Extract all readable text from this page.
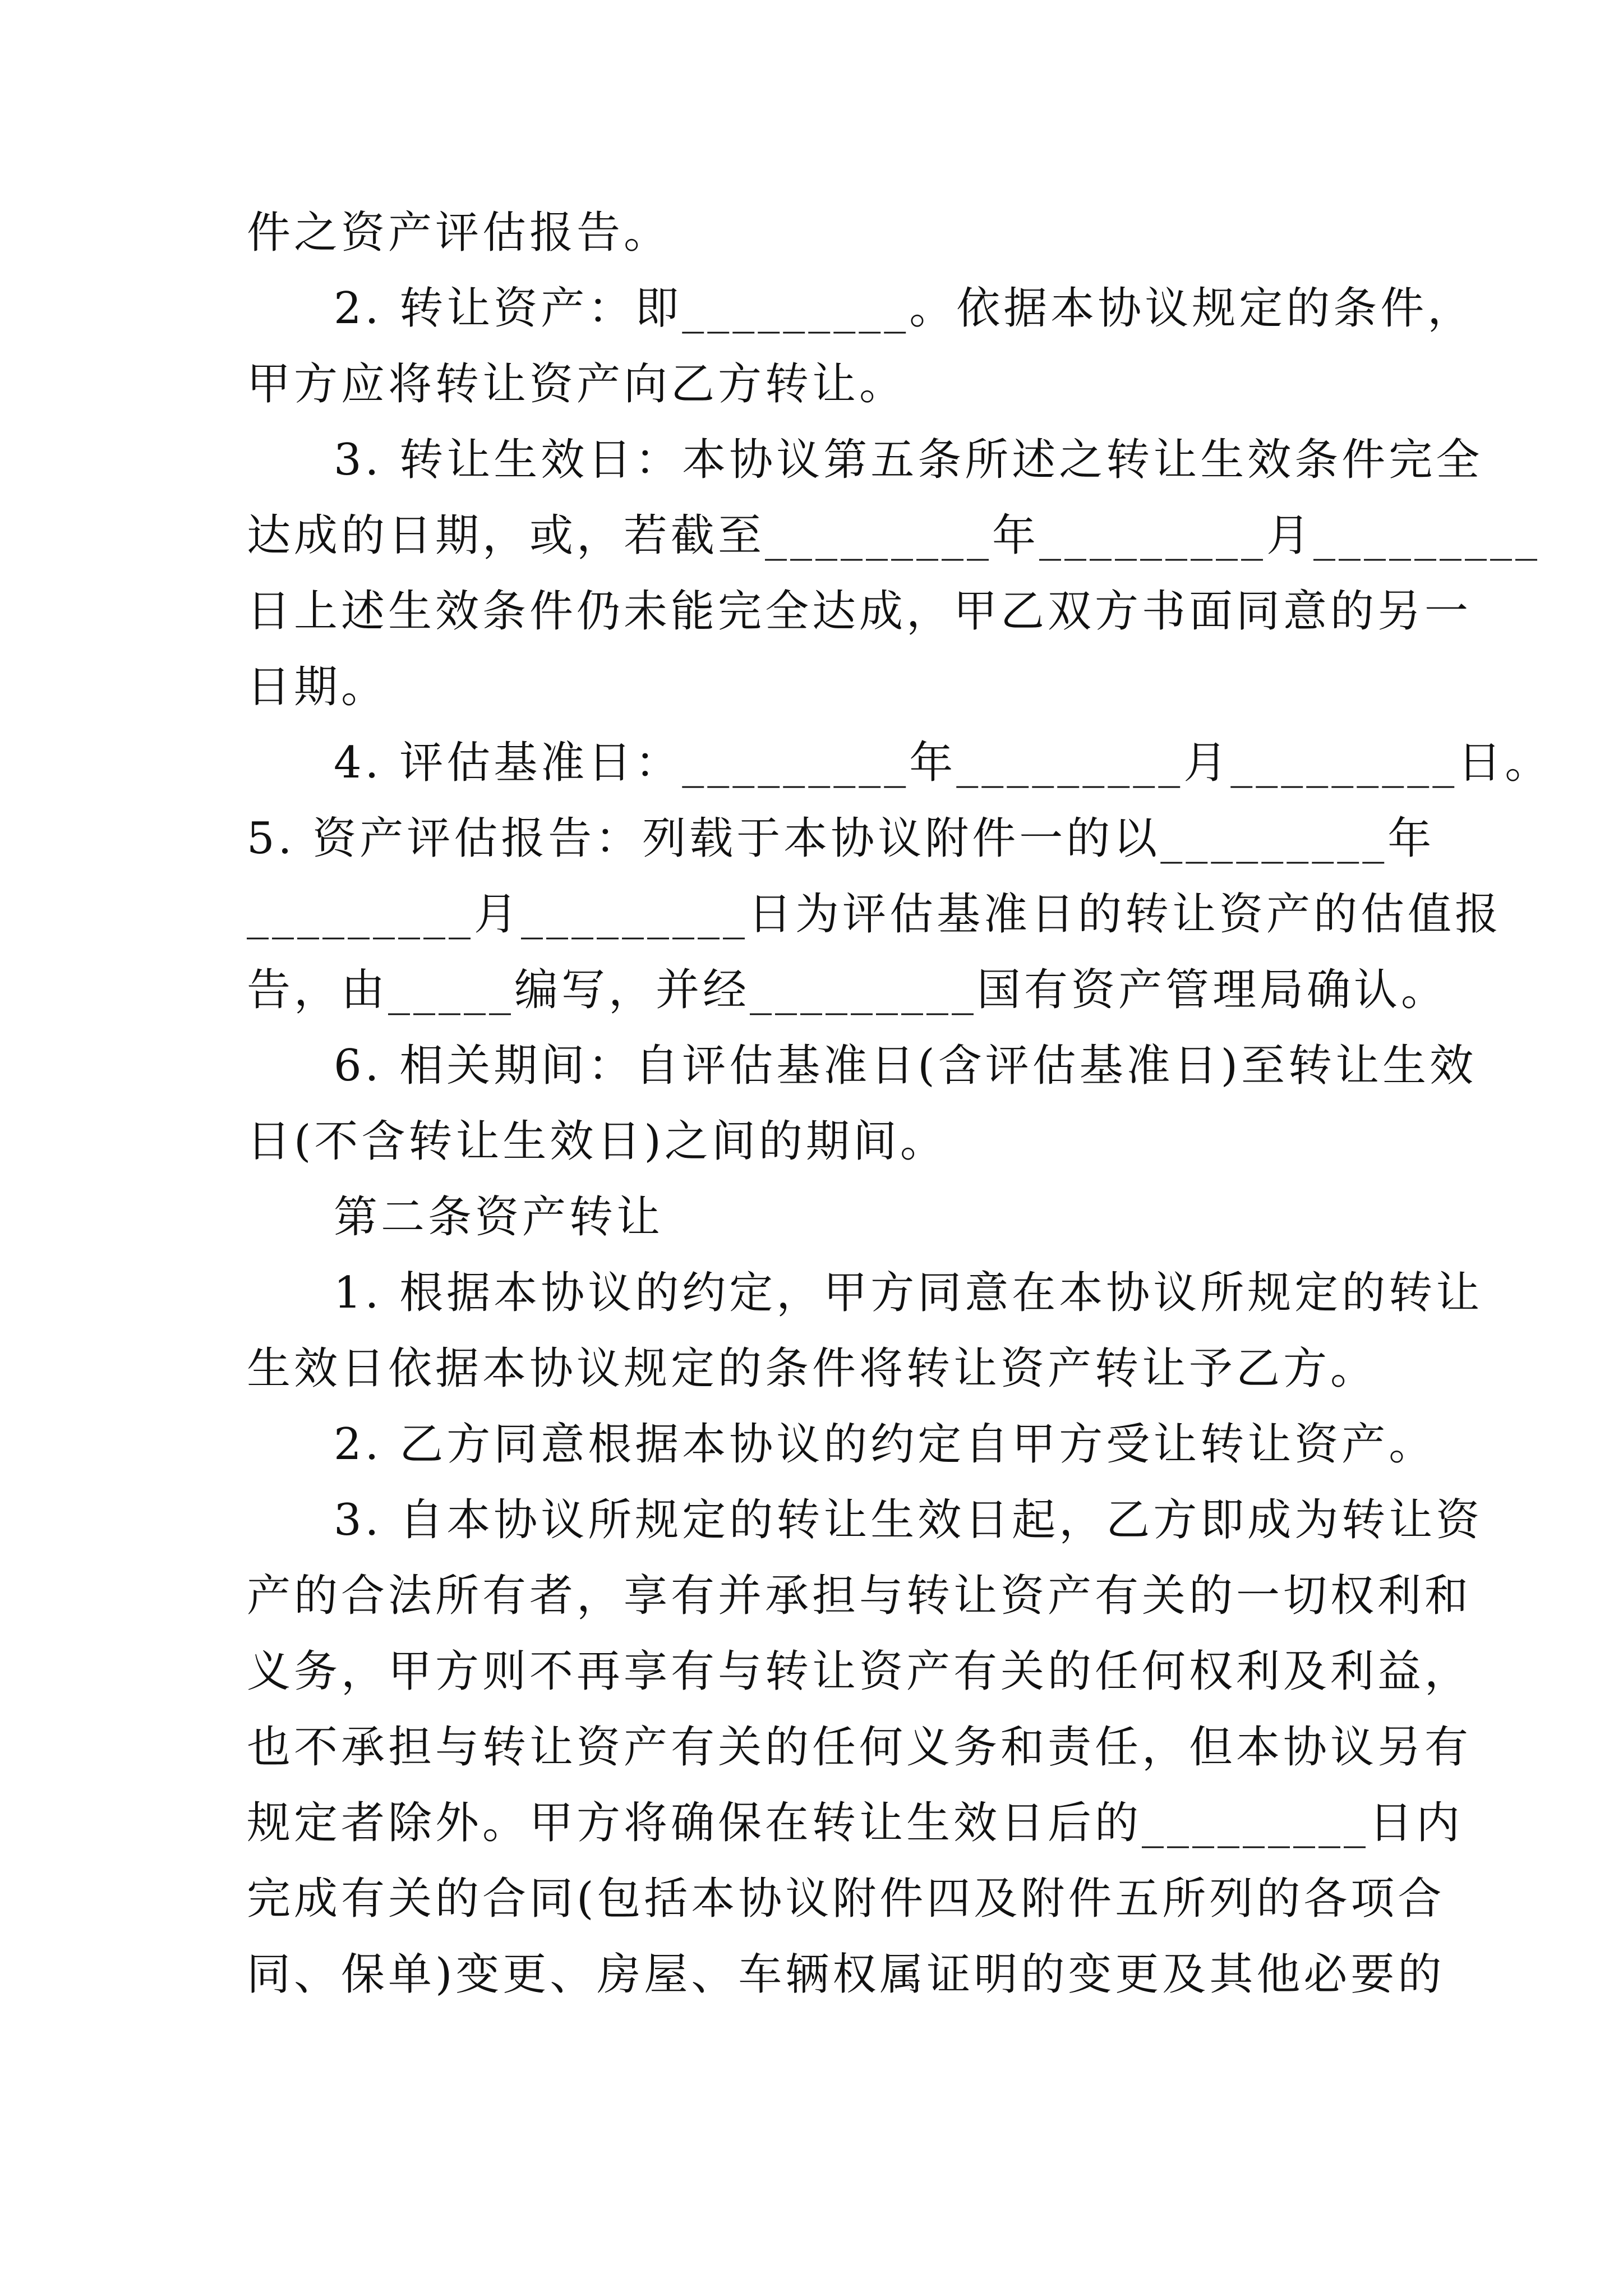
件之资产评估报告。
2. 转让资产：即_________。依据本协议规定的条件，
甲方应将转让资产向乙方转让。
3. 转让生效日：本协议第五条所述之转让生效条件完全
达成的日期，或，若截至_________年_________月_________
日上述生效条件仍未能完全达成，甲乙双方书面同意的另一
日期。
4. 评估基准日：_________年_________月_________日。
5. 资产评估报告：列载于本协议附件一的以_________年
_________月_________日为评估基准日的转让资产的估值报
告，由_____编写，并经_________国有资产管理局确认。
6. 相关期间：自评估基准日(含评估基准日)至转让生效
日(不含转让生效日)之间的期间。
第二条资产转让
1. 根据本协议的约定，甲方同意在本协议所规定的转让
生效日依据本协议规定的条件将转让资产转让予乙方。
2. 乙方同意根据本协议的约定自甲方受让转让资产。
3. 自本协议所规定的转让生效日起，乙方即成为转让资
产的合法所有者，享有并承担与转让资产有关的一切权利和
义务，甲方则不再享有与转让资产有关的任何权利及利益，
也不承担与转让资产有关的任何义务和责任，但本协议另有
规定者除外。甲方将确保在转让生效日后的_________日内
完成有关的合同(包括本协议附件四及附件五所列的各项合
同、保单)变更、房屋、车辆权属证明的变更及其他必要的
